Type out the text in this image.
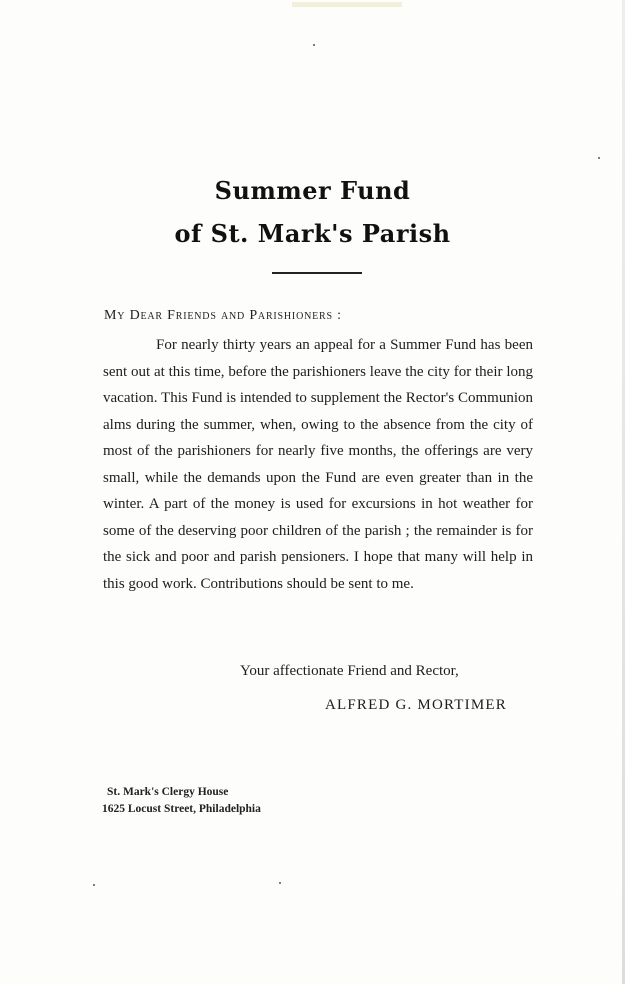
Summer Fund
of St. Mark's Parish

My Dear Friends and Parishioners :

For nearly thirty years an appeal for a Summer Fund has been sent out at this time, before the parishioners leave the city for their long vacation. This Fund is intended to supplement the Rector's Communion alms during the summer, when, owing to the absence from the city of most of the parishioners for nearly five months, the offerings are very small, while the demands upon the Fund are even greater than in the winter. A part of the money is used for excursions in hot weather for some of the deserving poor children of the parish ; the remainder is for the sick and poor and parish pensioners. I hope that many will help in this good work. Contributions should be sent to me.

Your affectionate Friend and Rector,

ALFRED G. MORTIMER

St. Mark's Clergy House
1625 Locust Street, Philadelphia
